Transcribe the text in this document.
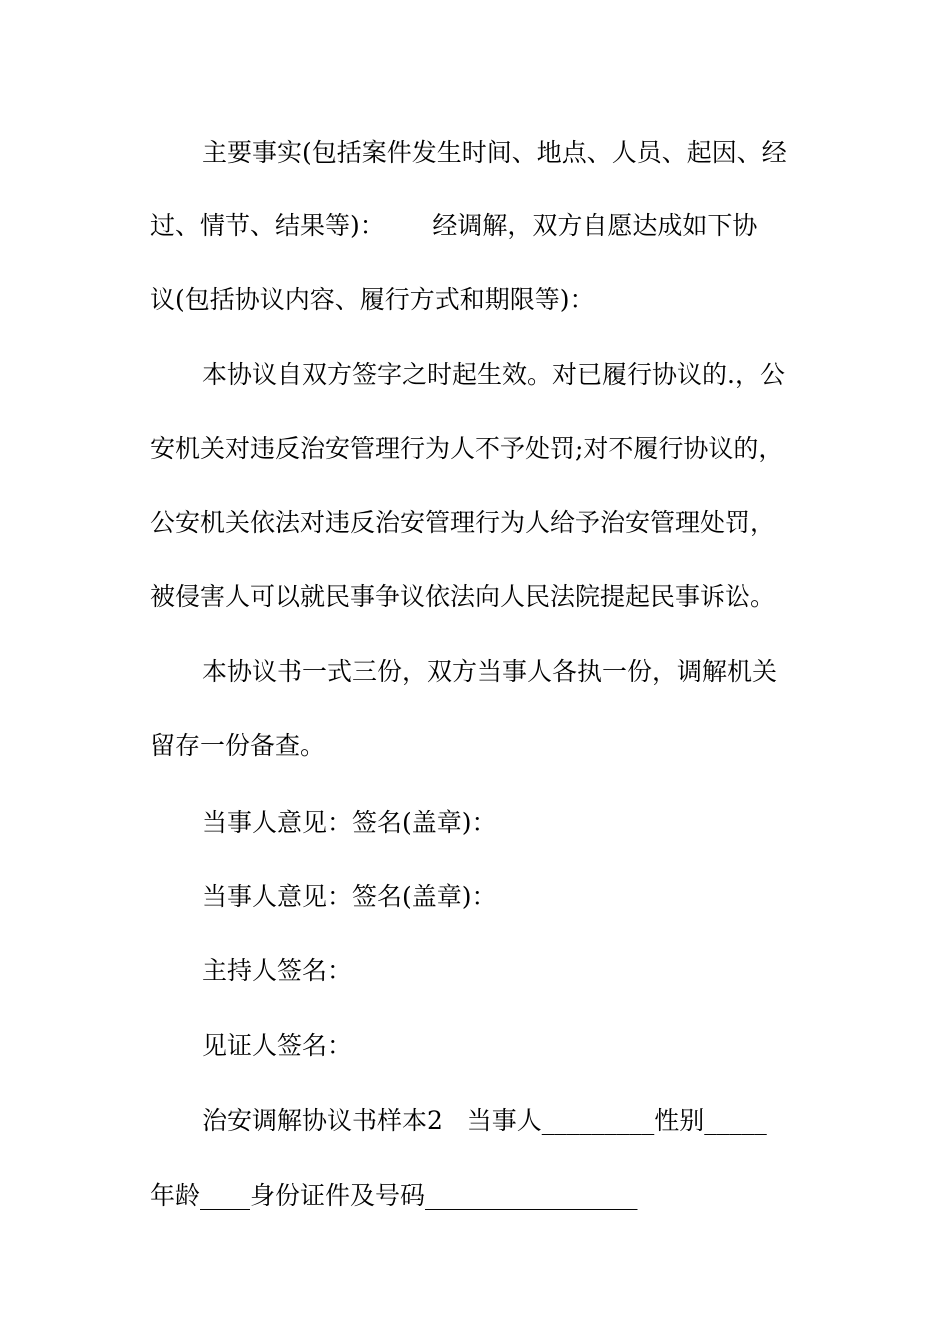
主要事实(包括案件发生时间、地点、人员、起因、经
过、情节、结果等)：      经调解，双方自愿达成如下协
议(包括协议内容、履行方式和期限等)：
本协议自双方签字之时起生效。对已履行协议的.，公
安机关对违反治安管理行为人不予处罚;对不履行协议的，
公安机关依法对违反治安管理行为人给予治安管理处罚，
被侵害人可以就民事争议依法向人民法院提起民事诉讼。
本协议书一式三份，双方当事人各执一份，调解机关
留存一份备查。
当事人意见：签名(盖章)：
当事人意见：签名(盖章)：
主持人签名：
见证人签名：
治安调解协议书样本2   当事人_________性别_____
年龄____身份证件及号码_________________
